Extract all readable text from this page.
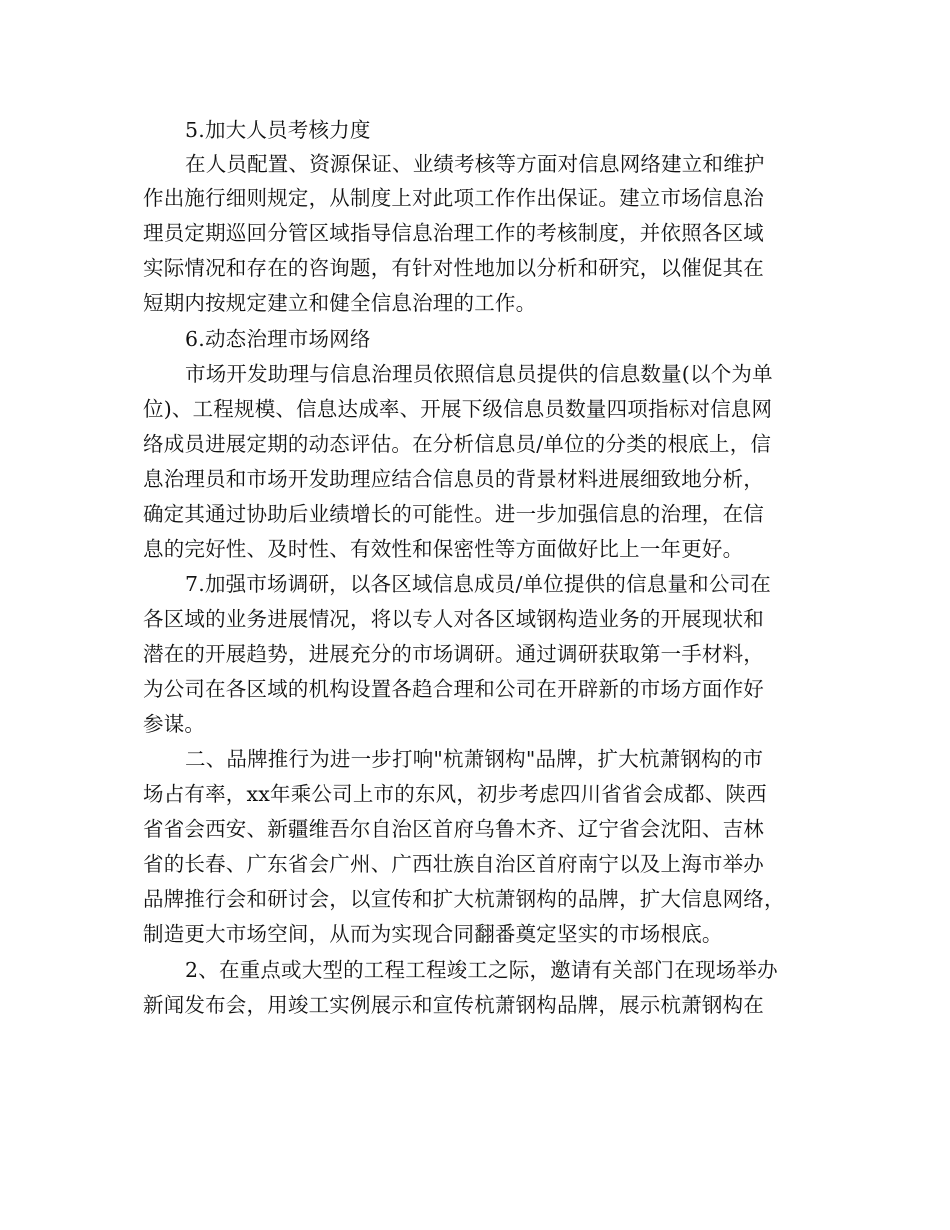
5.加大人员考核力度
在人员配置、资源保证、业绩考核等方面对信息网络建立和维护
作出施行细则规定，从制度上对此项工作作出保证。建立市场信息治
理员定期巡回分管区域指导信息治理工作的考核制度，并依照各区域
实际情况和存在的咨询题，有针对性地加以分析和研究，以催促其在
短期内按规定建立和健全信息治理的工作。
6.动态治理市场网络
市场开发助理与信息治理员依照信息员提供的信息数量(以个为单
位)、工程规模、信息达成率、开展下级信息员数量四项指标对信息网
络成员进展定期的动态评估。在分析信息员/单位的分类的根底上，信
息治理员和市场开发助理应结合信息员的背景材料进展细致地分析，
确定其通过协助后业绩增长的可能性。进一步加强信息的治理，在信
息的完好性、及时性、有效性和保密性等方面做好比上一年更好。
7.加强市场调研，以各区域信息成员/单位提供的信息量和公司在
各区域的业务进展情况，将以专人对各区域钢构造业务的开展现状和
潜在的开展趋势，进展充分的市场调研。通过调研获取第一手材料，
为公司在各区域的机构设置各趋合理和公司在开辟新的市场方面作好
参谋。
二、品牌推行为进一步打响"杭萧钢构"品牌，扩大杭萧钢构的市
场占有率，xx年乘公司上市的东风，初步考虑四川省省会成都、陕西
省省会西安、新疆维吾尔自治区首府乌鲁木齐、辽宁省会沈阳、吉林
省的长春、广东省会广州、广西壮族自治区首府南宁以及上海市举办
品牌推行会和研讨会，以宣传和扩大杭萧钢构的品牌，扩大信息网络，
制造更大市场空间，从而为实现合同翻番奠定坚实的市场根底。
2、在重点或大型的工程工程竣工之际，邀请有关部门在现场举办
新闻发布会，用竣工实例展示和宣传杭萧钢构品牌，展示杭萧钢构在
